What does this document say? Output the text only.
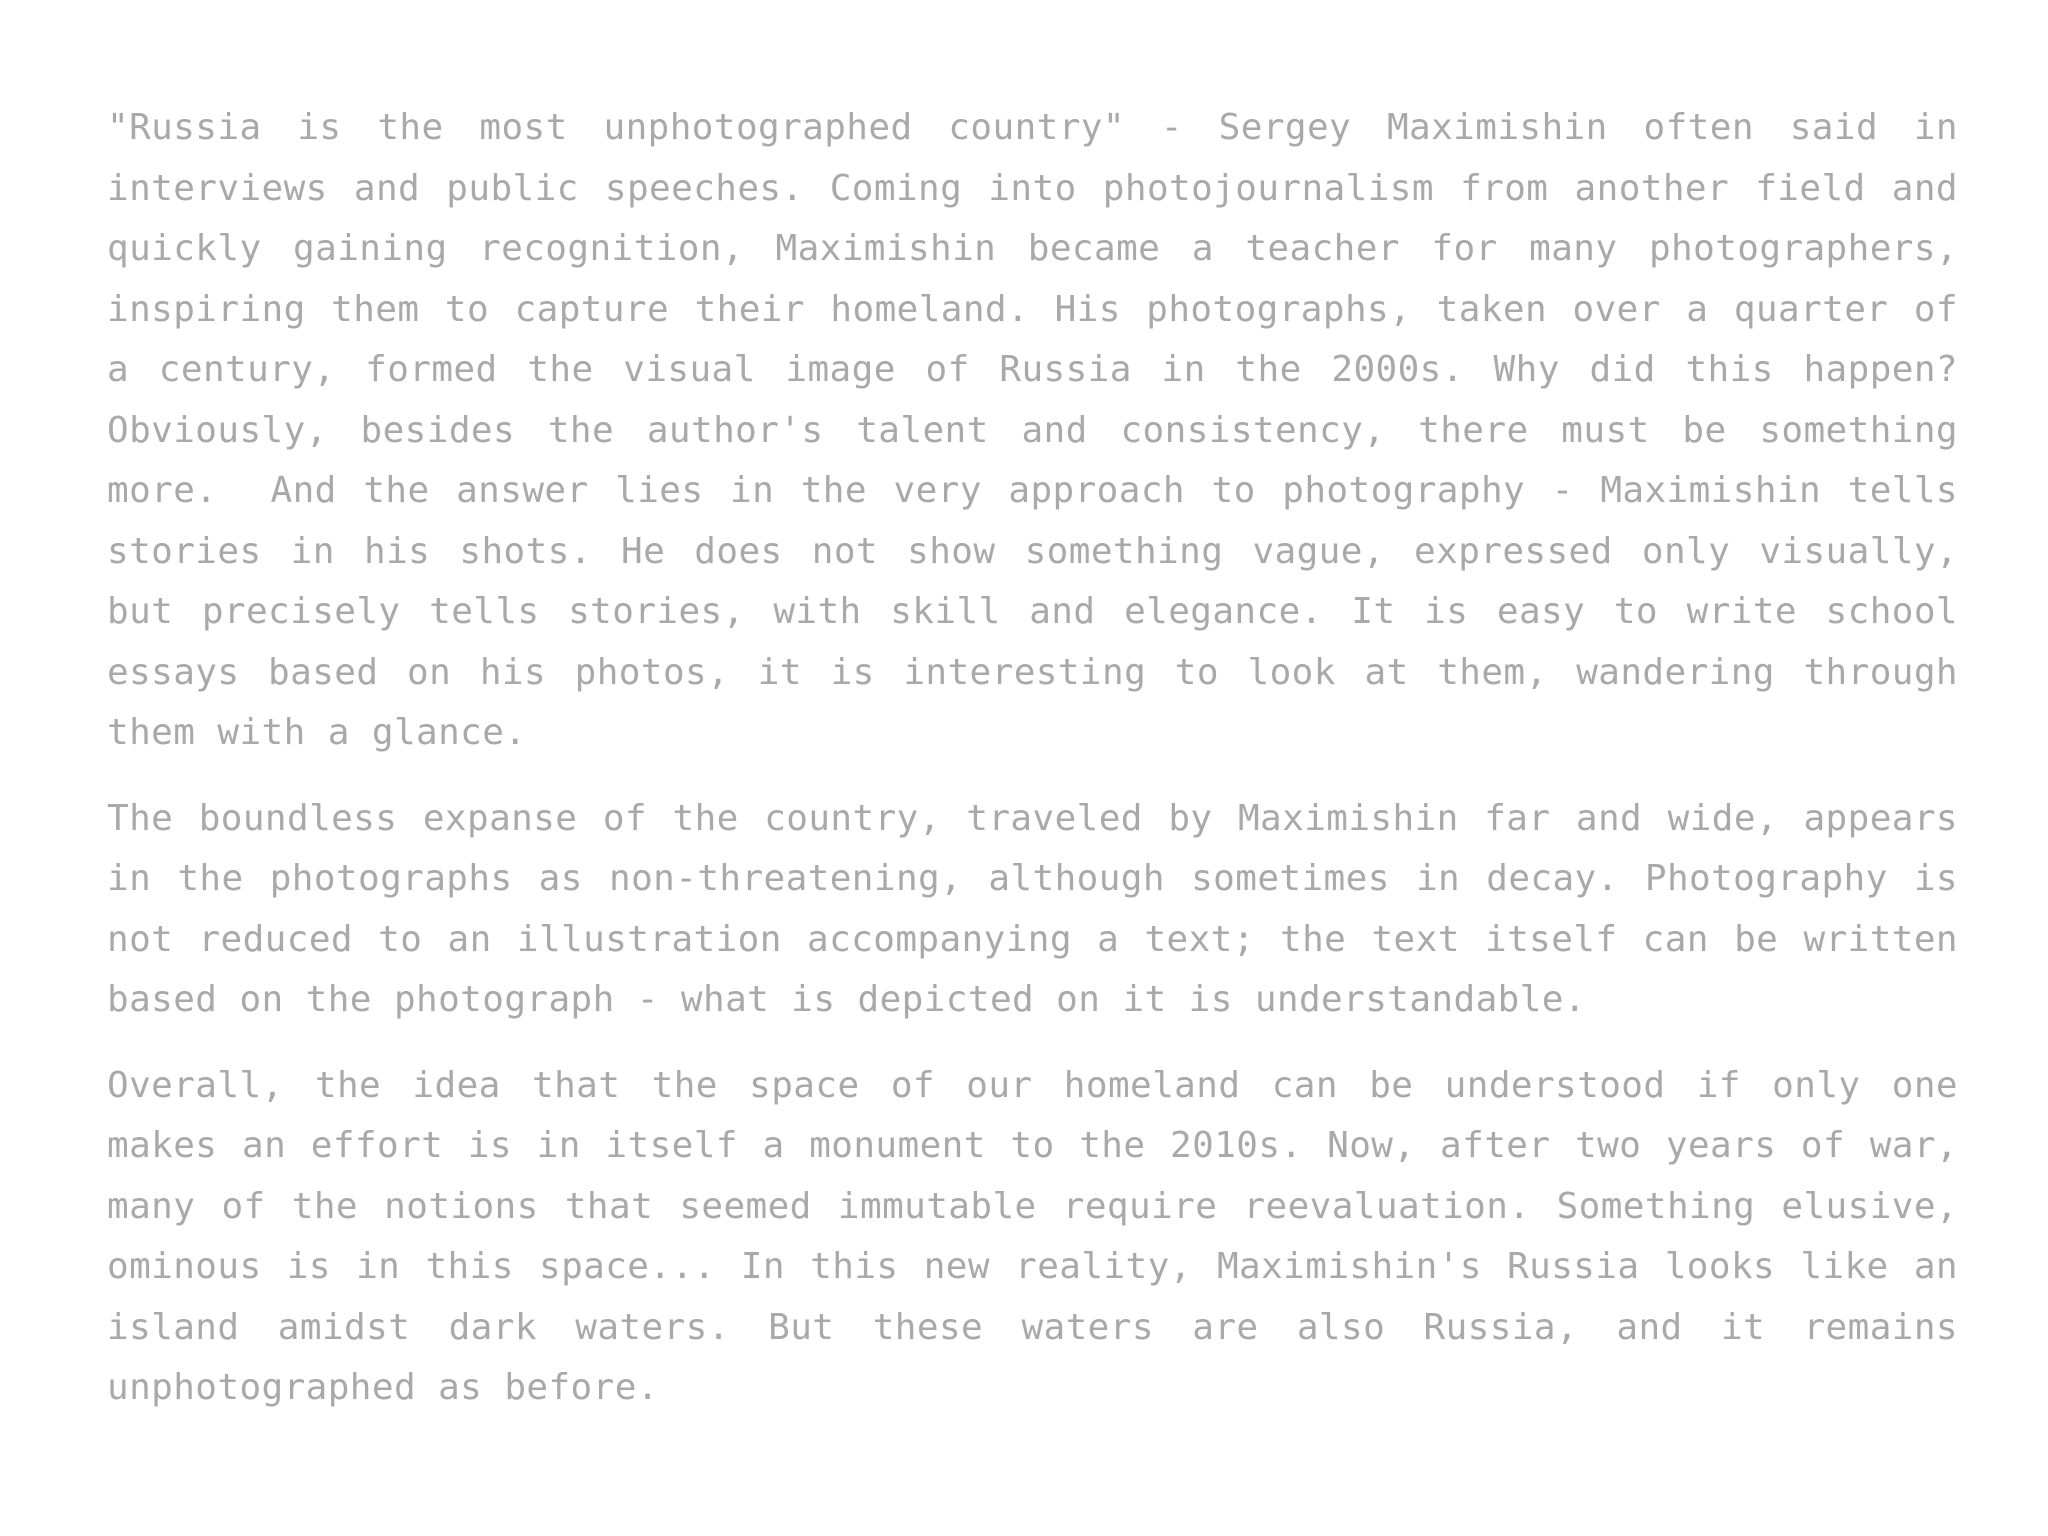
"Russia is the most unphotographed country" - Sergey Maximishin often said in interviews and public speeches. Coming into photojournalism from another field and quickly gaining recognition, Maximishin became a teacher for many photographers, inspiring them to capture their homeland. His photographs, taken over a quarter of a century, formed the visual image of Russia in the 2000s. Why did this happen? Obviously, besides the author's talent and consistency, there must be something more.  And the answer lies in the very approach to photography - Maximishin tells stories in his shots. He does not show something vague, expressed only visually, but precisely tells stories, with skill and elegance. It is easy to write school essays based on his photos, it is interesting to look at them, wandering through them with a glance.

The boundless expanse of the country, traveled by Maximishin far and wide, appears in the photographs as non-threatening, although sometimes in decay. Photography is not reduced to an illustration accompanying a text; the text itself can be written based on the photograph - what is depicted on it is understandable.

Overall, the idea that the space of our homeland can be understood if only one makes an effort is in itself a monument to the 2010s. Now, after two years of war, many of the notions that seemed immutable require reevaluation. Something elusive, ominous is in this space... In this new reality, Maximishin's Russia looks like an island amidst dark waters. But these waters are also Russia, and it remains unphotographed as before.
